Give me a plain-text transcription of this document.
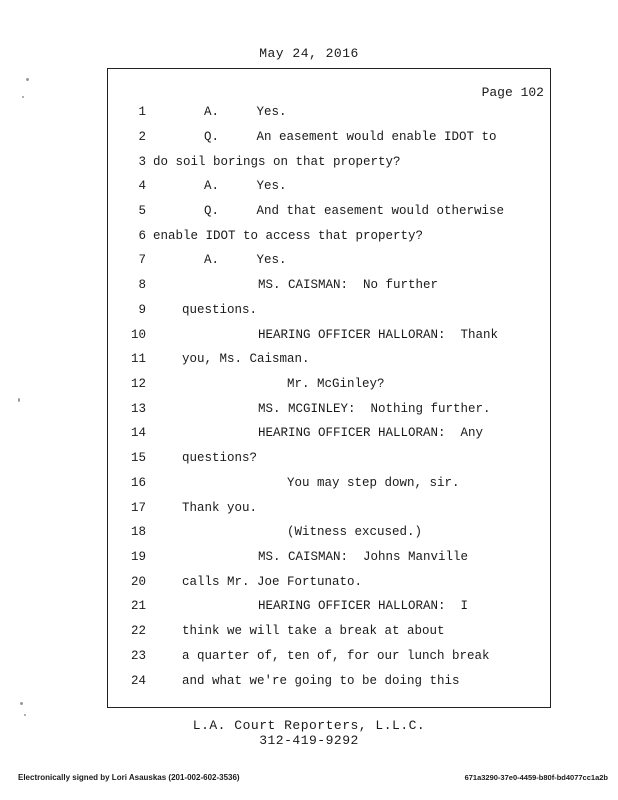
May 24, 2016
Page 102
1	A.     Yes.
2	Q.     An easement would enable IDOT to
3 do soil borings on that property?
4	A.     Yes.
5	Q.     And that easement would otherwise
6 enable IDOT to access that property?
7	A.     Yes.
8	MS. CAISMAN:  No further
9	questions.
10	HEARING OFFICER HALLORAN:  Thank
11	you, Ms. Caisman.
12	Mr. McGinley?
13	MS. MCGINLEY:  Nothing further.
14	HEARING OFFICER HALLORAN:  Any
15	questions?
16	You may step down, sir.
17	Thank you.
18	(Witness excused.)
19	MS. CAISMAN:  Johns Manville
20	calls Mr. Joe Fortunato.
21	HEARING OFFICER HALLORAN:  I
22	think we will take a break at about
23	a quarter of, ten of, for our lunch break
24	and what we're going to be doing this
L.A. Court Reporters, L.L.C.
312-419-9292
Electronically signed by Lori Asauskas (201-002-602-3536)	671a3290-37e0-4459-b80f-bd4077cc1a2b
